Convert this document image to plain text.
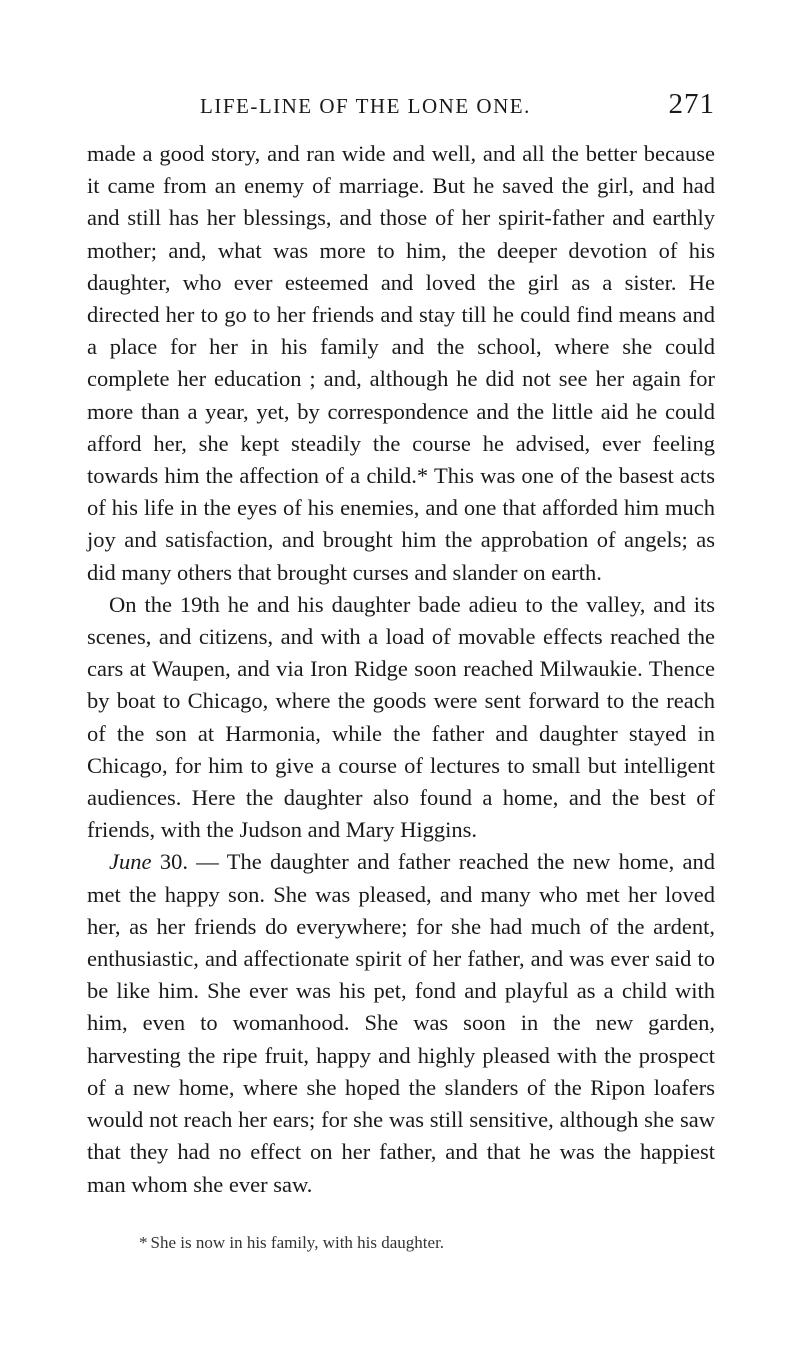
LIFE-LINE OF THE LONE ONE.	271

made a good story, and ran wide and well, and all the better because it came from an enemy of marriage. But he saved the girl, and had and still has her blessings, and those of her spirit-father and earthly mother; and, what was more to him, the deeper devotion of his daughter, who ever esteemed and loved the girl as a sister. He directed her to go to her friends and stay till he could find means and a place for her in his family and the school, where she could complete her education ; and, although he did not see her again for more than a year, yet, by correspondence and the little aid he could afford her, she kept steadily the course he advised, ever feeling towards him the affection of a child.* This was one of the basest acts of his life in the eyes of his enemies, and one that afforded him much joy and satisfaction, and brought him the approbation of angels; as did many others that brought curses and slander on earth.

On the 19th he and his daughter bade adieu to the valley, and its scenes, and citizens, and with a load of movable effects reached the cars at Waupen, and via Iron Ridge soon reached Milwaukie. Thence by boat to Chicago, where the goods were sent forward to the reach of the son at Harmonia, while the father and daughter stayed in Chicago, for him to give a course of lectures to small but intelligent audiences. Here the daughter also found a home, and the best of friends, with the Judson and Mary Higgins.

June 30. — The daughter and father reached the new home, and met the happy son. She was pleased, and many who met her loved her, as her friends do everywhere; for she had much of the ardent, enthusiastic, and affectionate spirit of her father, and was ever said to be like him. She ever was his pet, fond and playful as a child with him, even to womanhood. She was soon in the new garden, harvesting the ripe fruit, happy and highly pleased with the prospect of a new home, where she hoped the slanders of the Ripon loafers would not reach her ears; for she was still sensitive, although she saw that they had no effect on her father, and that he was the happiest man whom she ever saw.

* She is now in his family, with his daughter.
